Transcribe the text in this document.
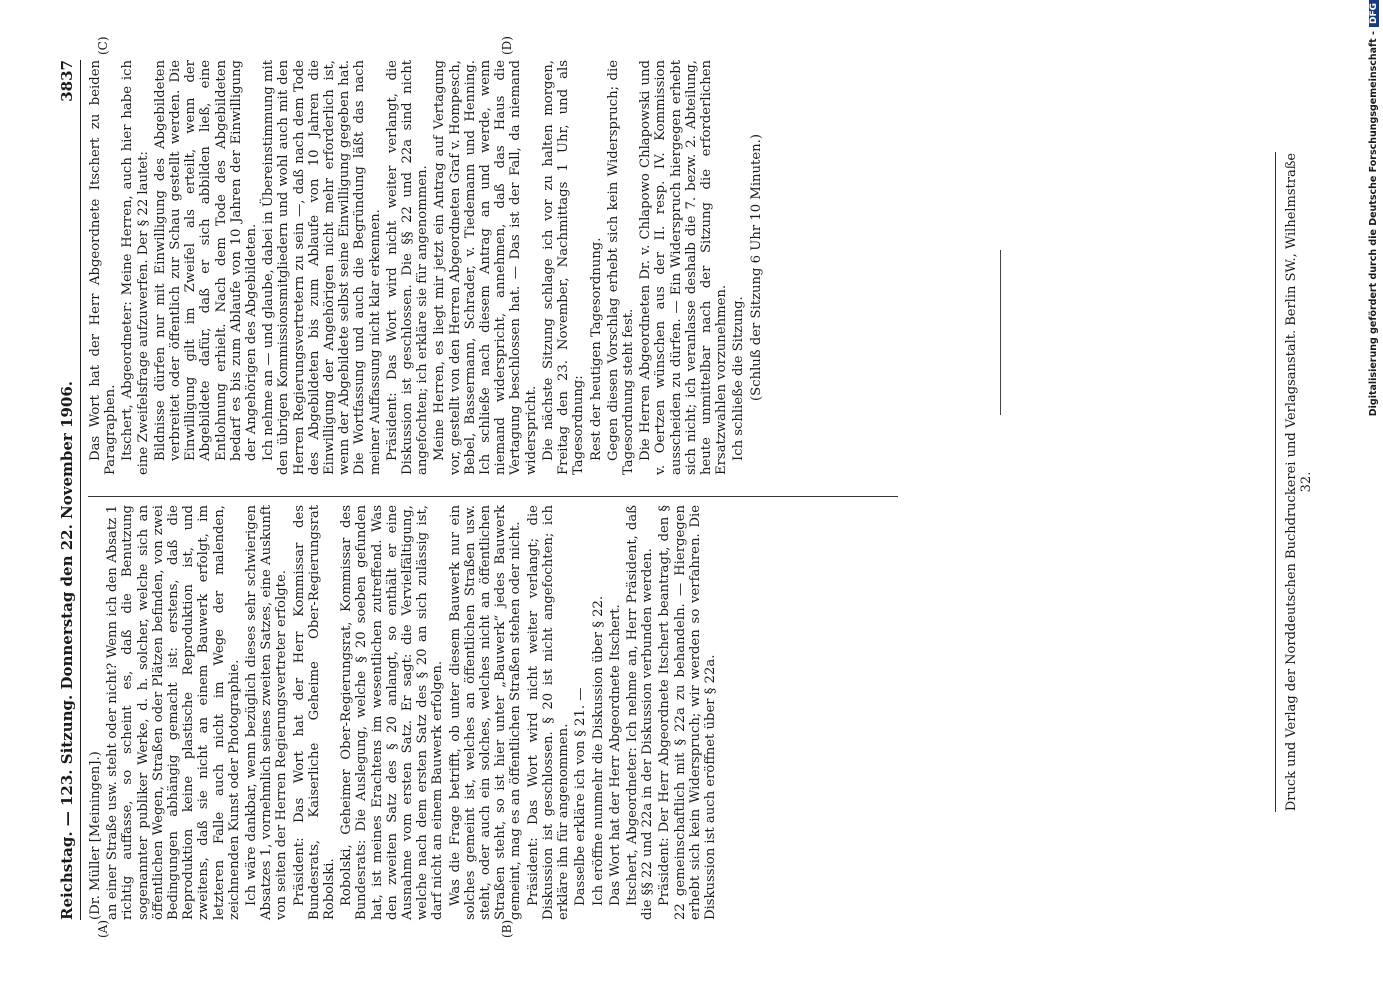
Reichstag. — 123. Sitzung. Donnerstag den 22. November 1906.
3837
(A)	(B)
(C)	(D)

(Dr. Müller [Meiningen].) an einer Straße usw. steht oder nicht? Wenn ich den Absatz 1 richtig auffasse, so scheint es, daß die Benutzung sogenannter publiker Werke, d. h. solcher, welche sich an öffentlichen Wegen, Straßen oder Plätzen befinden, von zwei Bedingungen abhängig gemacht ist: erstens, daß die Reproduktion keine plastische Reproduktion ist, und zweitens, daß sie nicht an einem Bauwerk erfolgt, im letzteren Falle auch nicht im Wege der malenden, zeichnenden Kunst oder Photographie. Ich wäre dankbar, wenn bezüglich dieses sehr schwierigen Absatzes 1, vornehmlich seines zweiten Satzes, eine Auskunft von seiten der Herren Regierungsvertreter erfolgte. Präsident: Das Wort hat der Herr Kommissar des Bundesrats, Kaiserliche Geheime Ober-Regierungsrat Robolski. Robolski, Geheimer Ober-Regierungsrat, Kommissar des Bundesrats: Die Auslegung, welche § 20 soeben gefunden hat, ist meines Erachtens im wesentlichen zutreffend. Was den zweiten Satz des § 20 anlangt, so enthält er eine Ausnahme vom ersten Satz. Er sagt: die Vervielfältigung, welche nach dem ersten Satz des § 20 an sich zulässig ist, darf nicht an einem Bauwerk erfolgen. Was die Frage betrifft, ob unter diesem Bauwerk nur ein solches gemeint ist, welches an öffentlichen Straßen usw. steht, oder auch ein solches, welches nicht an öffentlichen Straßen steht, so ist hier unter „Bauwerk“ jedes Bauwerk gemeint, mag es an öffentlichen Straßen stehen oder nicht. Präsident: Das Wort wird nicht weiter verlangt; die Diskussion ist geschlossen. § 20 ist nicht angefochten; ich erkläre ihn für angenommen. Dasselbe erkläre ich von § 21. — Ich eröffne nunmehr die Diskussion über § 22. Das Wort hat der Herr Abgeordnete Itschert. Itschert, Abgeordneter: Ich nehme an, Herr Präsident, daß die §§ 22 und 22a in der Diskussion verbunden werden. Präsident: Der Herr Abgeordnete Itschert beantragt, den § 22 gemeinschaftlich mit § 22a zu behandeln. — Hiergegen erhebt sich kein Widerspruch; wir werden so verfahren. Die Diskussion ist auch eröffnet über § 22a.

Das Wort hat der Herr Abgeordnete Itschert zu beiden Paragraphen. Itschert, Abgeordneter: Meine Herren, auch hier habe ich eine Zweifelsfrage aufzuwerfen. Der § 22 lautet: Bildnisse dürfen nur mit Einwilligung des Abgebildeten verbreitet oder öffentlich zur Schau gestellt werden. Die Einwilligung gilt im Zweifel als erteilt, wenn der Abgebildete dafür, daß er sich abbilden ließ, eine Entlohnung erhielt. Nach dem Tode des Abgebildeten bedarf es bis zum Ablaufe von 10 Jahren der Einwilligung der Angehörigen des Abgebildeten. Ich nehme an — und glaube, dabei in Übereinstimmung mit den übrigen Kommissionsmitgliedern und wohl auch mit den Herren Regierungsvertretern zu sein —, daß nach dem Tode des Abgebildeten bis zum Ablaufe von 10 Jahren die Einwilligung der Angehörigen nicht mehr erforderlich ist, wenn der Abgebildete selbst seine Einwilligung gegeben hat. Die Wortfassung und auch die Begründung läßt das nach meiner Auffassung nicht klar erkennen. Präsident: Das Wort wird nicht weiter verlangt, die Diskussion ist geschlossen. Die §§ 22 und 22a sind nicht angefochten; ich erkläre sie für angenommen. Meine Herren, es liegt mir jetzt ein Antrag auf Vertagung vor, gestellt von den Herren Abgeordneten Graf v. Hompesch, Bebel, Bassermann, Schrader, v. Tiedemann und Henning. Ich schließe nach diesem Antrag an und werde, wenn niemand widerspricht, annehmen, daß das Haus die Vertagung beschlossen hat. — Das ist der Fall, da niemand widerspricht. Die nächste Sitzung schlage ich vor zu halten morgen, Freitag den 23. November, Nachmittags 1 Uhr, und als Tagesordnung: Rest der heutigen Tagesordnung. Gegen diesen Vorschlag erhebt sich kein Widerspruch; die Tagesordnung steht fest. Die Herren Abgeordneten Dr. v. Chlapowo Chlapowski und v. Oertzen wünschen aus der II. resp. IV. Kommission ausscheiden zu dürfen. — Ein Widerspruch hiergegen erhebt sich nicht; ich veranlasse deshalb die 7. bezw. 2. Abteilung, heute unmittelbar nach der Sitzung die erforderlichen Ersatzwahlen vorzunehmen. Ich schließe die Sitzung. (Schluß der Sitzung 6 Uhr 10 Minuten.)	Druck und Verlag der Norddeutschen Buchdruckerei und Verlagsanstalt. Berlin SW., Wilhelmstraße 32.
Digitalisierung gefördert durch die Deutsche Forschungsgemeinschaft -DFG
